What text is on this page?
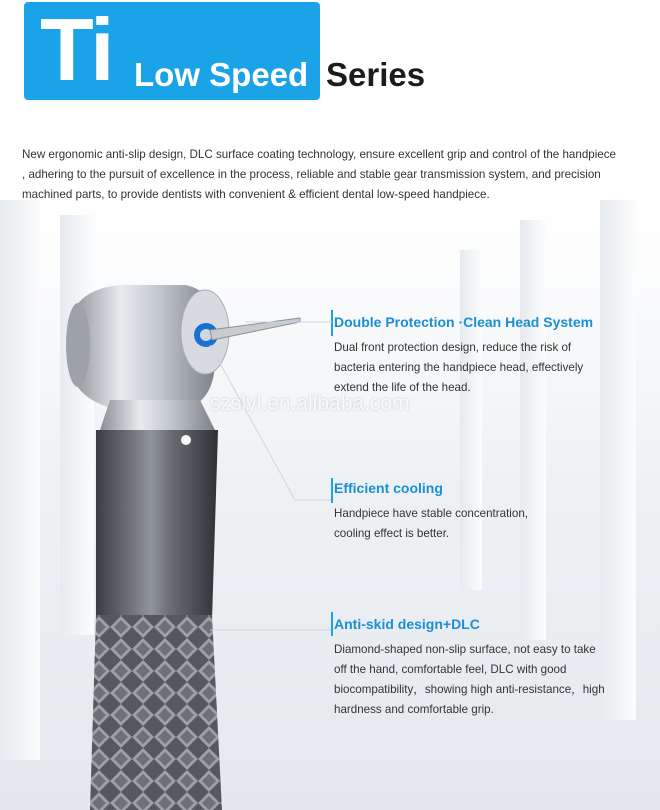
Ti Low Speed Series
New ergonomic anti-slip design, DLC surface coating technology, ensure excellent grip and control of the handpiece , adhering to the pursuit of excellence in the process, reliable and stable gear transmission system, and precision machined parts, to provide dentists with convenient & efficient dental low-speed handpiece.
szslyl.en.alibaba.com
Double Protection ·Clean Head System
Dual front protection design, reduce the risk of bacteria entering the handpiece head, effectively extend the life of the head.
Efficient cooling
Handpiece have stable concentration, cooling effect is better.
Anti-skid design+DLC
Diamond-shaped non-slip surface, not easy to take off the hand, comfortable feel, DLC with good biocompatibility，showing high anti-resistance，high hardness and comfortable grip.
